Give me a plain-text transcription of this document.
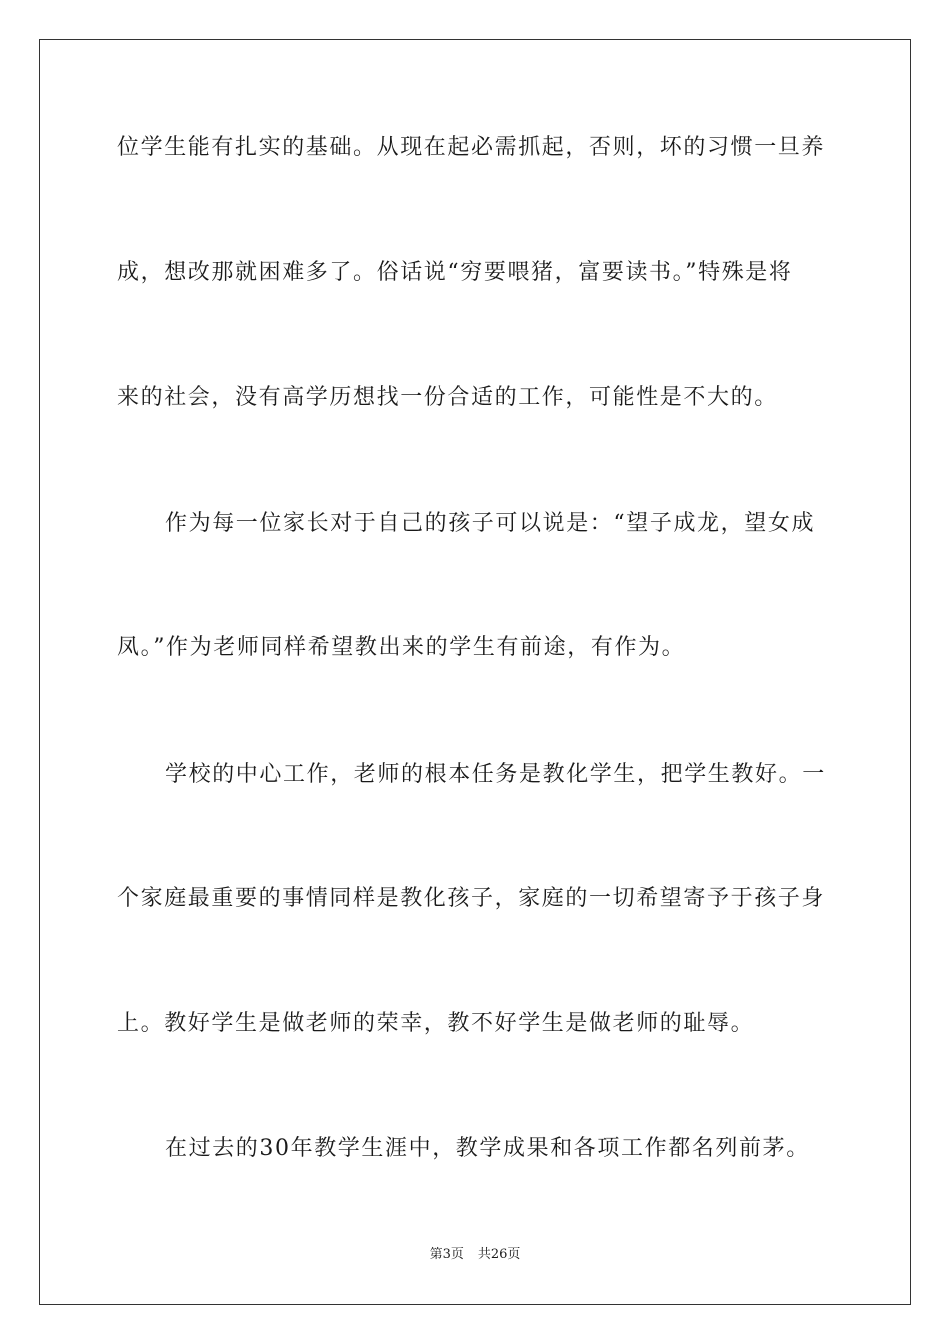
位学生能有扎实的基础。从现在起必需抓起，否则，坏的习惯一旦养
成，想改那就困难多了。俗话说“穷要喂猪，富要读书。”特殊是将
来的社会，没有高学历想找一份合适的工作，可能性是不大的。
作为每一位家长对于自己的孩子可以说是：“望子成龙，望女成
凤。”作为老师同样希望教出来的学生有前途，有作为。
学校的中心工作，老师的根本任务是教化学生，把学生教好。一
个家庭最重要的事情同样是教化孩子，家庭的一切希望寄予于孩子身
上。教好学生是做老师的荣幸，教不好学生是做老师的耻辱。
在过去的30年教学生涯中，教学成果和各项工作都名列前茅。
第3页 共26页
